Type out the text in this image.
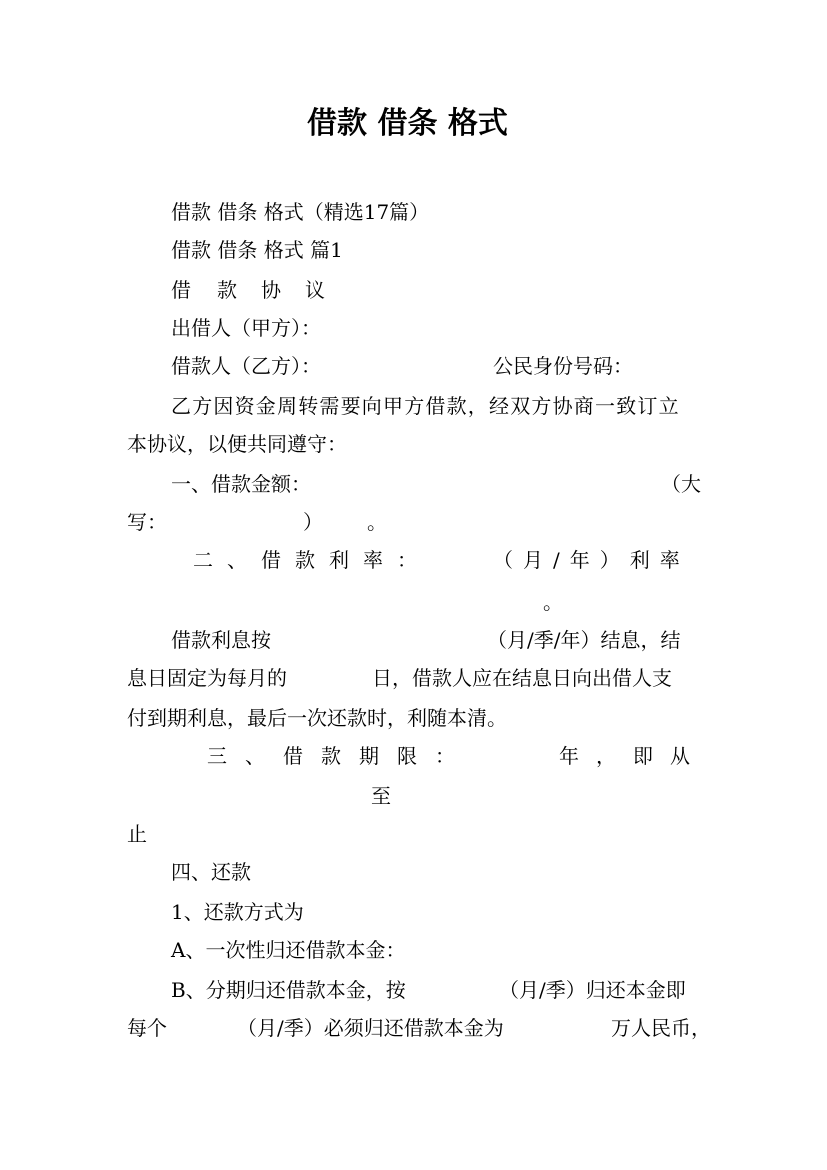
借款 借条 格式
借款 借条 格式（精选17篇）
借款 借条 格式 篇1
借 款 协 议
出借人（甲方）：
借款人（乙方）：	公民身份号码：
乙方因资金周转需要向甲方借款，经双方协商一致订立
本协议，以便共同遵守：
一、借款金额：	（大
写：	） 。
二、借款利率：	（月/年）利率
。
借款利息按	（月/季/年）结息，结
息日固定为每月的	日，借款人应在结息日向出借人支
付到期利息，最后一次还款时，利随本清。
三、借款期限：	年，即从
至
止
四、还款
1、还款方式为
A、一次性归还借款本金：
B、分期归还借款本金，按	（月/季）归还本金即
每个	（月/季）必须归还借款本金为	万人民币，
